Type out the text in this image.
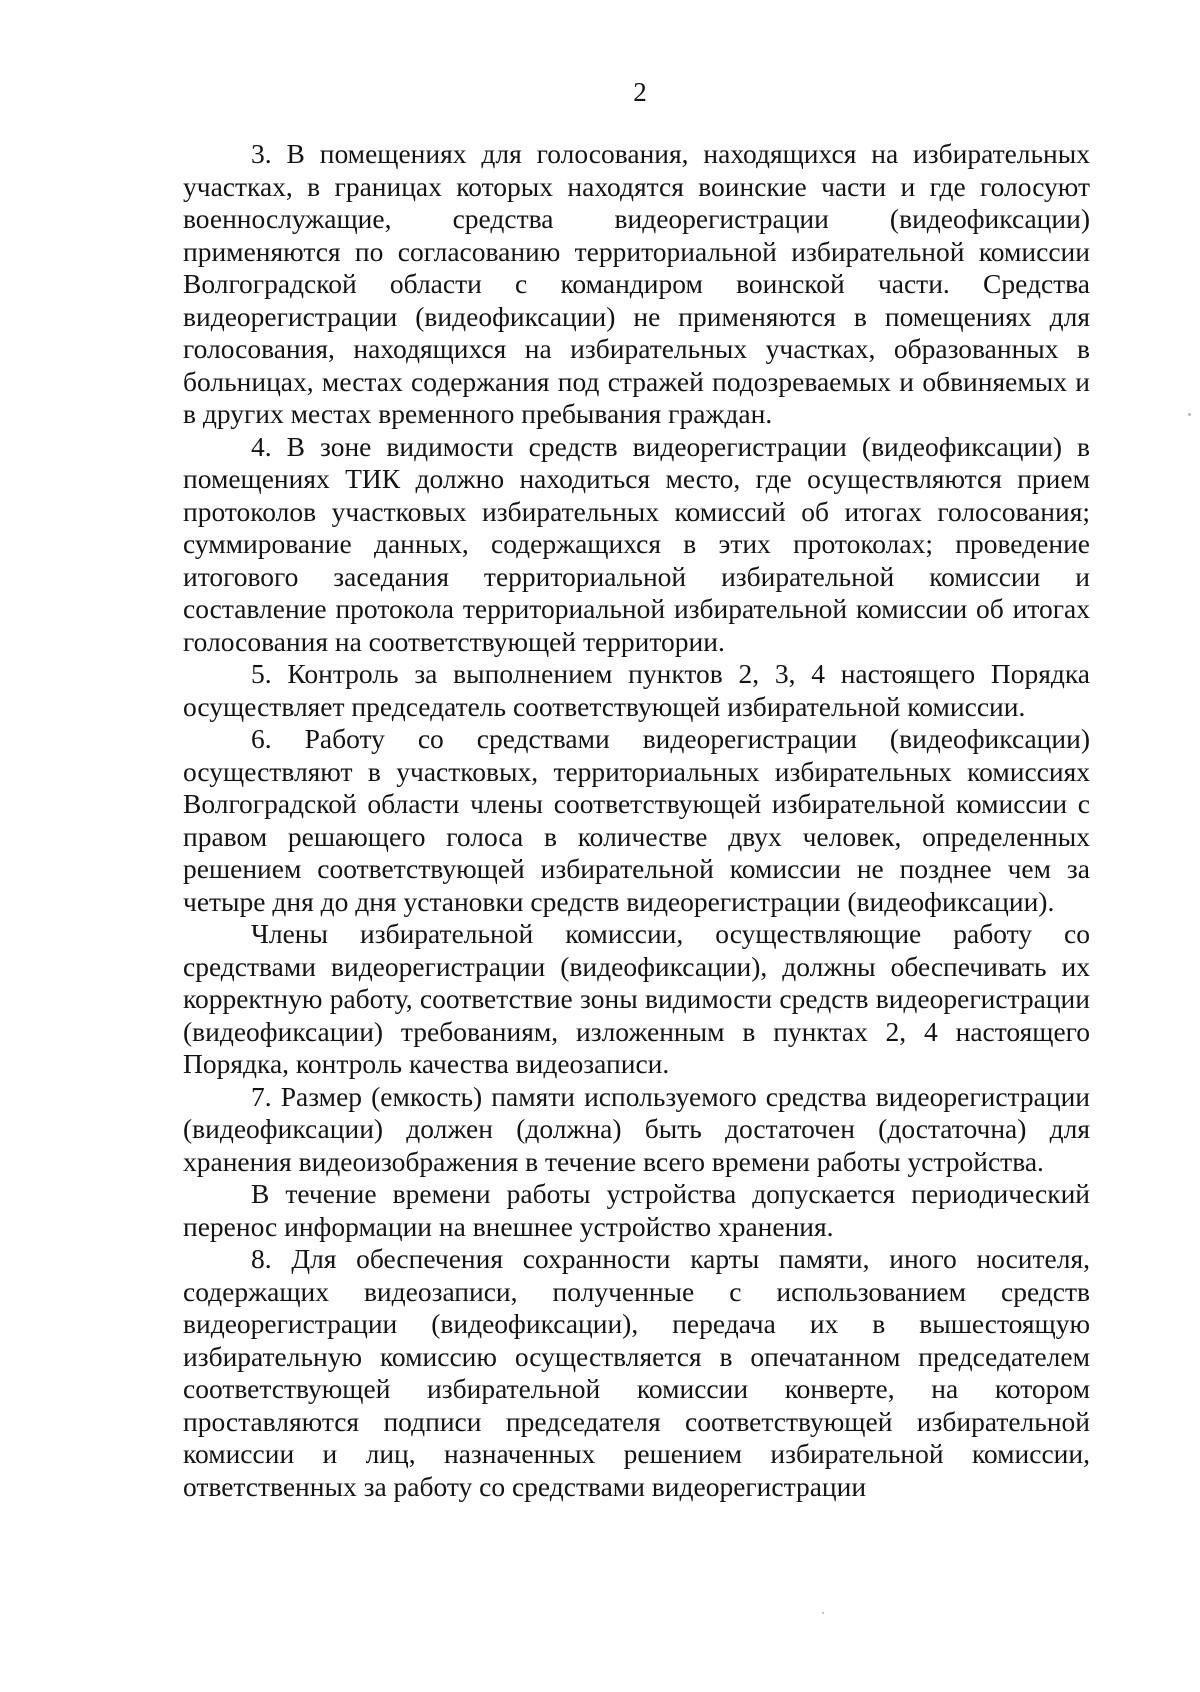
2

3. В помещениях для голосования, находящихся на избирательных участках, в границах которых находятся воинские части и где голосуют военнослужащие, средства видеорегистрации (видеофиксации) применяются по согласованию территориальной избирательной комиссии Волгоградской области с командиром воинской части. Средства видеорегистрации (видеофиксации) не применяются в помещениях для голосования, находящихся на избирательных участках, образованных в больницах, местах содержания под стражей подозреваемых и обвиняемых и в других местах временного пребывания граждан.

4. В зоне видимости средств видеорегистрации (видеофиксации) в помещениях ТИК должно находиться место, где осуществляются прием протоколов участковых избирательных комиссий об итогах голосования; суммирование данных, содержащихся в этих протоколах; проведение итогового заседания территориальной избирательной комиссии и составление протокола территориальной избирательной комиссии об итогах голосования на соответствующей территории.

5. Контроль за выполнением пунктов 2, 3, 4 настоящего Порядка осуществляет председатель соответствующей избирательной комиссии.

6. Работу со средствами видеорегистрации (видеофиксации) осуществляют в участковых, территориальных избирательных комиссиях Волгоградской области члены соответствующей избирательной комиссии с правом решающего голоса в количестве двух человек, определенных решением соответствующей избирательной комиссии не позднее чем за четыре дня до дня установки средств видеорегистрации (видеофиксации).

Члены избирательной комиссии, осуществляющие работу со средствами видеорегистрации (видеофиксации), должны обеспечивать их корректную работу, соответствие зоны видимости средств видеорегистрации (видеофиксации) требованиям, изложенным в пунктах 2, 4 настоящего Порядка, контроль качества видеозаписи.

7. Размер (емкость) памяти используемого средства видеорегистрации (видеофиксации) должен (должна) быть достаточен (достаточна) для хранения видеоизображения в течение всего времени работы устройства.

В течение времени работы устройства допускается периодический перенос информации на внешнее устройство хранения.

8. Для обеспечения сохранности карты памяти, иного носителя, содержащих видеозаписи, полученные с использованием средств видеорегистрации (видеофиксации), передача их в вышестоящую избирательную комиссию осуществляется в опечатанном председателем соответствующей избирательной комиссии конверте, на котором проставляются подписи председателя соответствующей избирательной комиссии и лиц, назначенных решением избирательной комиссии, ответственных за работу со средствами видеорегистрации
